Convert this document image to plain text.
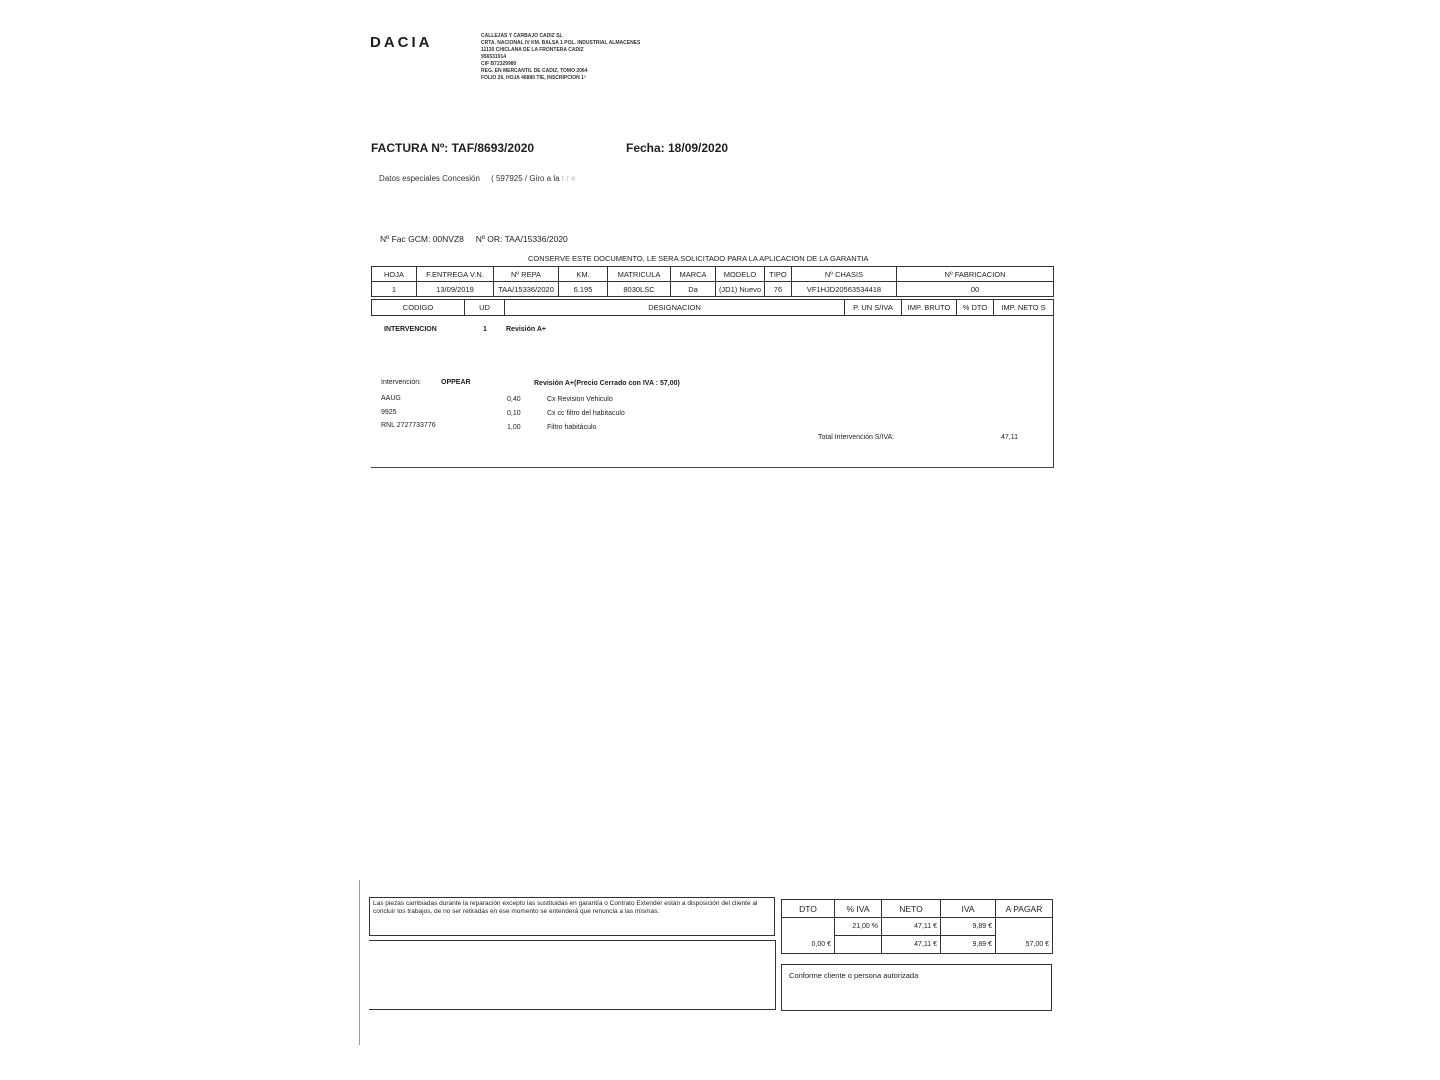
DACIA	CALLEJAS Y CARBAJO CADIZ SL
CRTA. NACIONAL IV KM. BALSA 1 POL. INDUSTRIAL ALMACENES
11130 CHICLANA DE LA FRONTERA CADIZ
956531914
CIF B72329980
REG. EN MERCANTIL DE CADIZ, TOMO 2064
FOLIO 26, HOJA 46880 TIE, INSCRIPCION 1ª
FACTURA Nº: TAF/8693/2020	Fecha: 18/09/2020
Datos especiales Concesión ( 597925 / Giro a la t r e
Nº Fac GCM: 00NVZ8 Nº OR: TAA/15336/2020
CONSERVE ESTE DOCUMENTO, LE SERA SOLICITADO PARA LA APLICACION DE LA GARANTIA
HOJA	F.ENTREGA V.N.	Nº REPA	KM.	MATRICULA	MARCA	MODELO	TIPO	Nº CHASIS	Nº FABRICACION
1	13/09/2019	TAA/15336/2020	6.195	8030LSC	Da	(JD1) Nuevo	76	VF1HJD20563534418	00
CODIGO	UD	DESIGNACION	P. UN S/IVA	IMP. BRUTO	% DTO	IMP. NETO S
INTERVENCION	1	Revisión A+
Intervención:	OPPEAR	Revisión A+(Precio Cerrado con IVA : 57,00)
AAUG	0,40	Cx Revision Vehiculo
9925	0,10	Cx cc filtro del habitaculo
RNL 2727733776	1,00	Filtro habitáculo
Total Intervención S/IVA:	47,11
Las piezas cambiadas durante la reparación excepto las sustituidas en garantía o Contrato Extender están a disposición del cliente al concluir los trabajos, de no ser retiradas en ese momento se entenderá que renuncia a las mismas.	DTO	% IVA	NETO	IVA	A PAGAR
	21,00 %	47,11 €	9,89 €	
0,00 €		47,11 €	9,89 €	57,00 €
Conforme cliente o persona autorizada
